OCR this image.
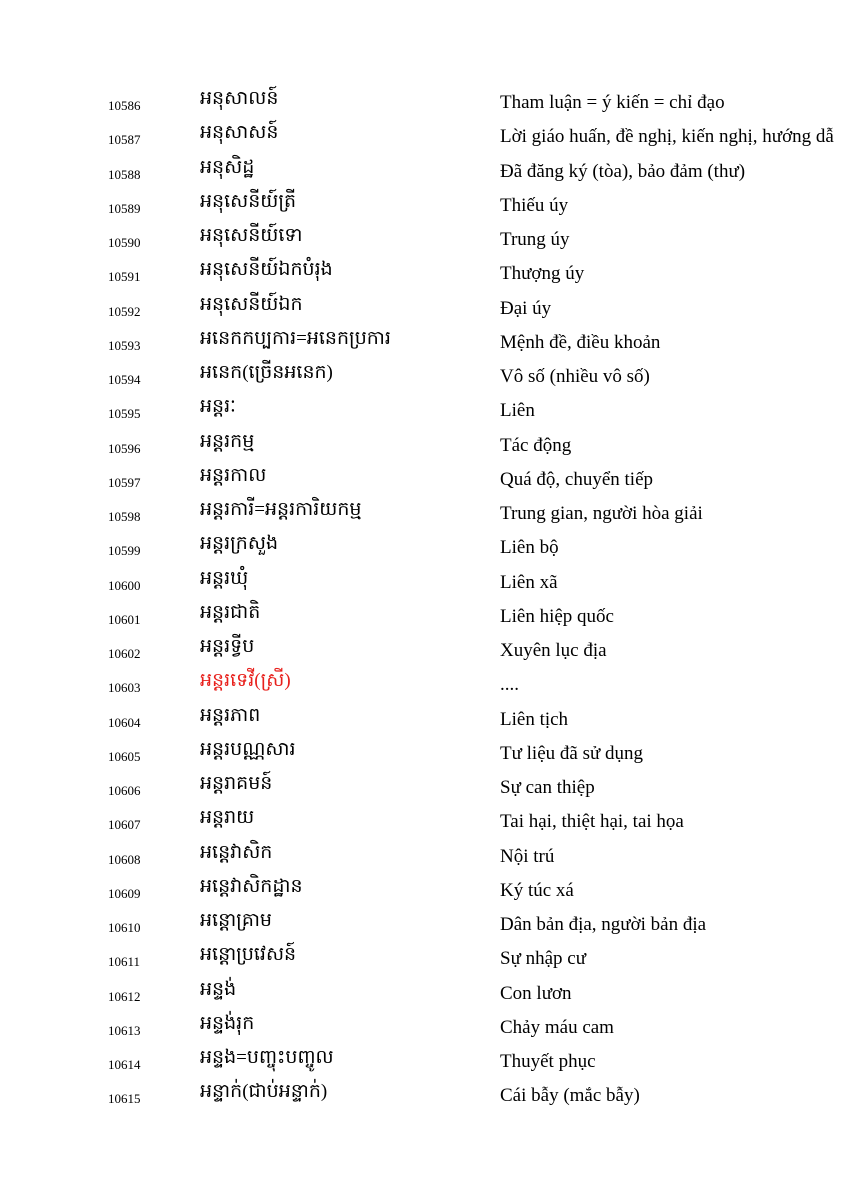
10586	អនុសាលន៍	Tham luận = ý kiến = chỉ đạo
10587	អនុសាសន៍	Lời giáo huấn, đề nghị, kiến nghị, hướng dẫ
10588	អនុសិដ្ឋ	Đã đăng ký (tòa), bảo đảm (thư)
10589	អនុសេនីយ៍ត្រី	Thiếu úy
10590	អនុសេនីយ៍ទោ	Trung úy
10591	អនុសេនីយ៍ឯកបំរុង	Thượng úy
10592	អនុសេនីយ៍ឯក	Đại úy
10593	អនេកកប្បការ=អនេកប្រការ	Mệnh đề, điều khoản
10594	អនេក(ច្រើនអនេក)	Vô số (nhiều vô số)
10595	អន្តរៈ	Liên
10596	អន្តរកម្ម	Tác động
10597	អន្តរកាល	Quá độ, chuyển tiếp
10598	អន្តរការី=អន្តរការិយកម្ម	Trung gian, người hòa giải
10599	អន្តរក្រសួង	Liên bộ
10600	អន្តរឃុំ	Liên xã
10601	អន្តរជាតិ	Liên hiệp quốc
10602	អន្តរទ្វីប	Xuyên lục địa
10603	អន្តរទេវី(ស្រី)	....
10604	អន្តរភាព	Liên tịch
10605	អន្តរបណ្ណសារ	Tư liệu đã sử dụng
10606	អន្តរាគមន៍	Sự can thiệp
10607	អន្តរាយ	Tai hại, thiệt hại, tai họa
10608	អន្តេវាសិក	Nội trú
10609	អន្តេវាសិកដ្ឋាន	Ký túc xá
10610	អន្តោគ្រាម	Dân bản địa, người bản địa
10611	អន្តោប្រវេសន៍	Sự nhập cư
10612	អន្ទង់	Con lươn
10613	អន្ទង់រុក	Chảy máu cam
10614	អន្ទង=បញ្ចុះបញ្ចូល	Thuyết phục
10615	អន្ទាក់(ជាប់អន្ទាក់)	Cái bẫy (mắc bẫy)
